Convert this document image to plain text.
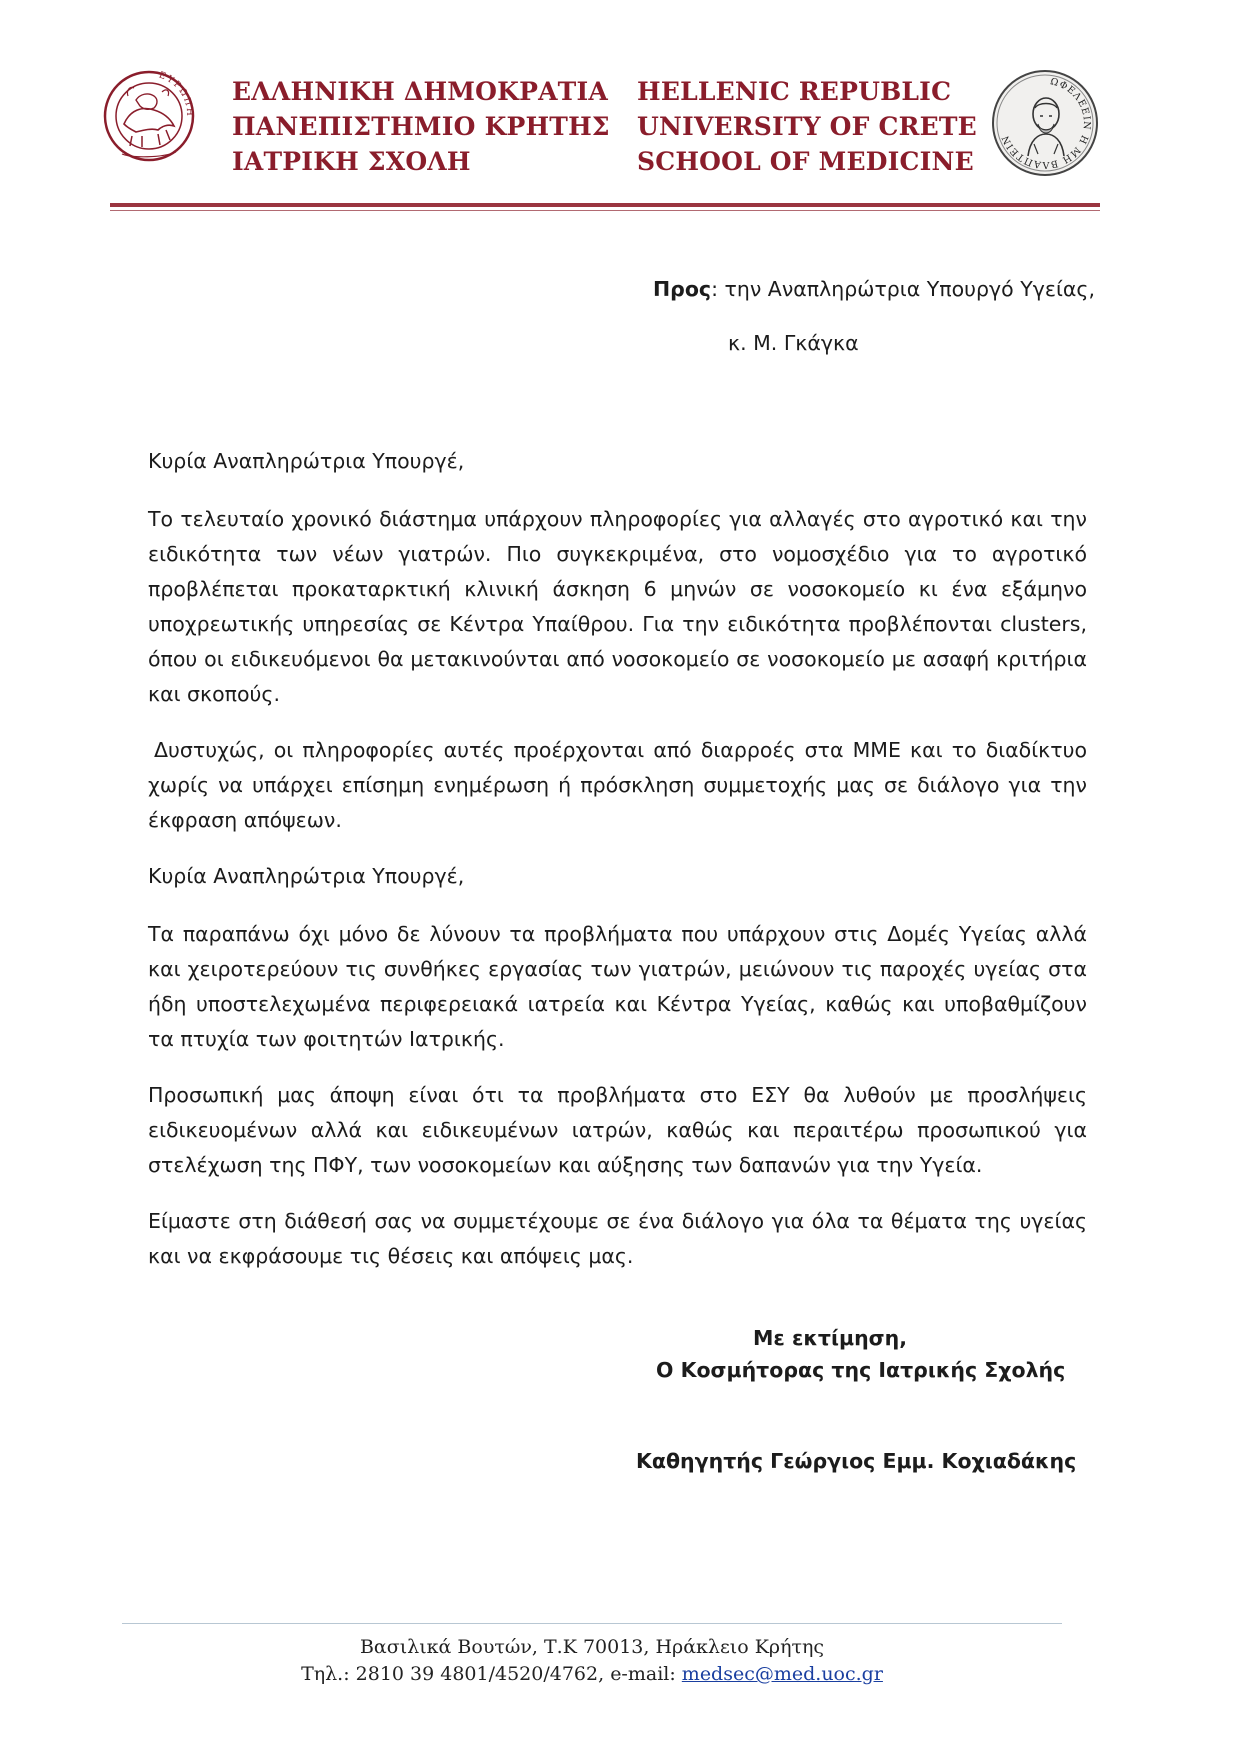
ΕΥΡΩΠΗ
ΕΛΛΗΝΙΚΗ ΔΗΜΟΚΡΑΤΙΑ
ΠΑΝΕΠΙΣΤΗΜΙΟ ΚΡΗΤΗΣ
ΙΑΤΡΙΚΗ ΣΧΟΛΗ
HELLENIC REPUBLIC
UNIVERSITY OF CRETE
SCHOOL OF MEDICINE
ΩΦΕΛΕΕΙΝ Η ΜΗ ΒΛΑΠΤΕΙΝ
Προς: την Αναπληρώτρια Υπουργό Υγείας,
κ. Μ. Γκάγκα

Κυρία Αναπληρώτρια Υπουργέ,

Το τελευταίο χρονικό διάστημα υπάρχουν πληροφορίες για αλλαγές στο αγροτικό και την ειδικότητα των νέων γιατρών. Πιο συγκεκριμένα, στο νομοσχέδιο για το αγροτικό προβλέπεται προκαταρκτική κλινική άσκηση 6 μηνών σε νοσοκομείο κι ένα εξάμηνο υποχρεωτικής υπηρεσίας σε Κέντρα Υπαίθρου. Για την ειδικότητα προβλέπονται clusters, όπου οι ειδικευόμενοι θα μετακινούνται από νοσοκομείο σε νοσοκομείο με ασαφή κριτήρια και σκοπούς.

Δυστυχώς, οι πληροφορίες αυτές προέρχονται από διαρροές στα ΜΜΕ και το διαδίκτυο χωρίς να υπάρχει επίσημη ενημέρωση ή πρόσκληση συμμετοχής μας σε διάλογο για την έκφραση απόψεων.

Κυρία Αναπληρώτρια Υπουργέ,

Τα παραπάνω όχι μόνο δε λύνουν τα προβλήματα που υπάρχουν στις Δομές Υγείας αλλά και χειροτερεύουν τις συνθήκες εργασίας των γιατρών, μειώνουν τις παροχές υγείας στα ήδη υποστελεχωμένα περιφερειακά ιατρεία και Κέντρα Υγείας, καθώς και υποβαθμίζουν τα πτυχία των φοιτητών Ιατρικής.

Προσωπική μας άποψη είναι ότι τα προβλήματα στο ΕΣΥ θα λυθούν με προσλήψεις ειδικευομένων αλλά και ειδικευμένων ιατρών, καθώς και περαιτέρω προσωπικού για στελέχωση της ΠΦΥ, των νοσοκομείων και αύξησης των δαπανών για την Υγεία.

Είμαστε στη διάθεσή σας να συμμετέχουμε σε ένα διάλογο για όλα τα θέματα της υγείας και να εκφράσουμε τις θέσεις και απόψεις μας.

Με εκτίμηση,
Ο Κοσμήτορας της Ιατρικής Σχολής
Καθηγητής Γεώργιος Εμμ. Κοχιαδάκης
Βασιλικά Βουτών, Τ.Κ 70013, Ηράκλειο Κρήτης
Τηλ.: 2810 39 4801/4520/4762, e-mail: medsec@med.uoc.gr
